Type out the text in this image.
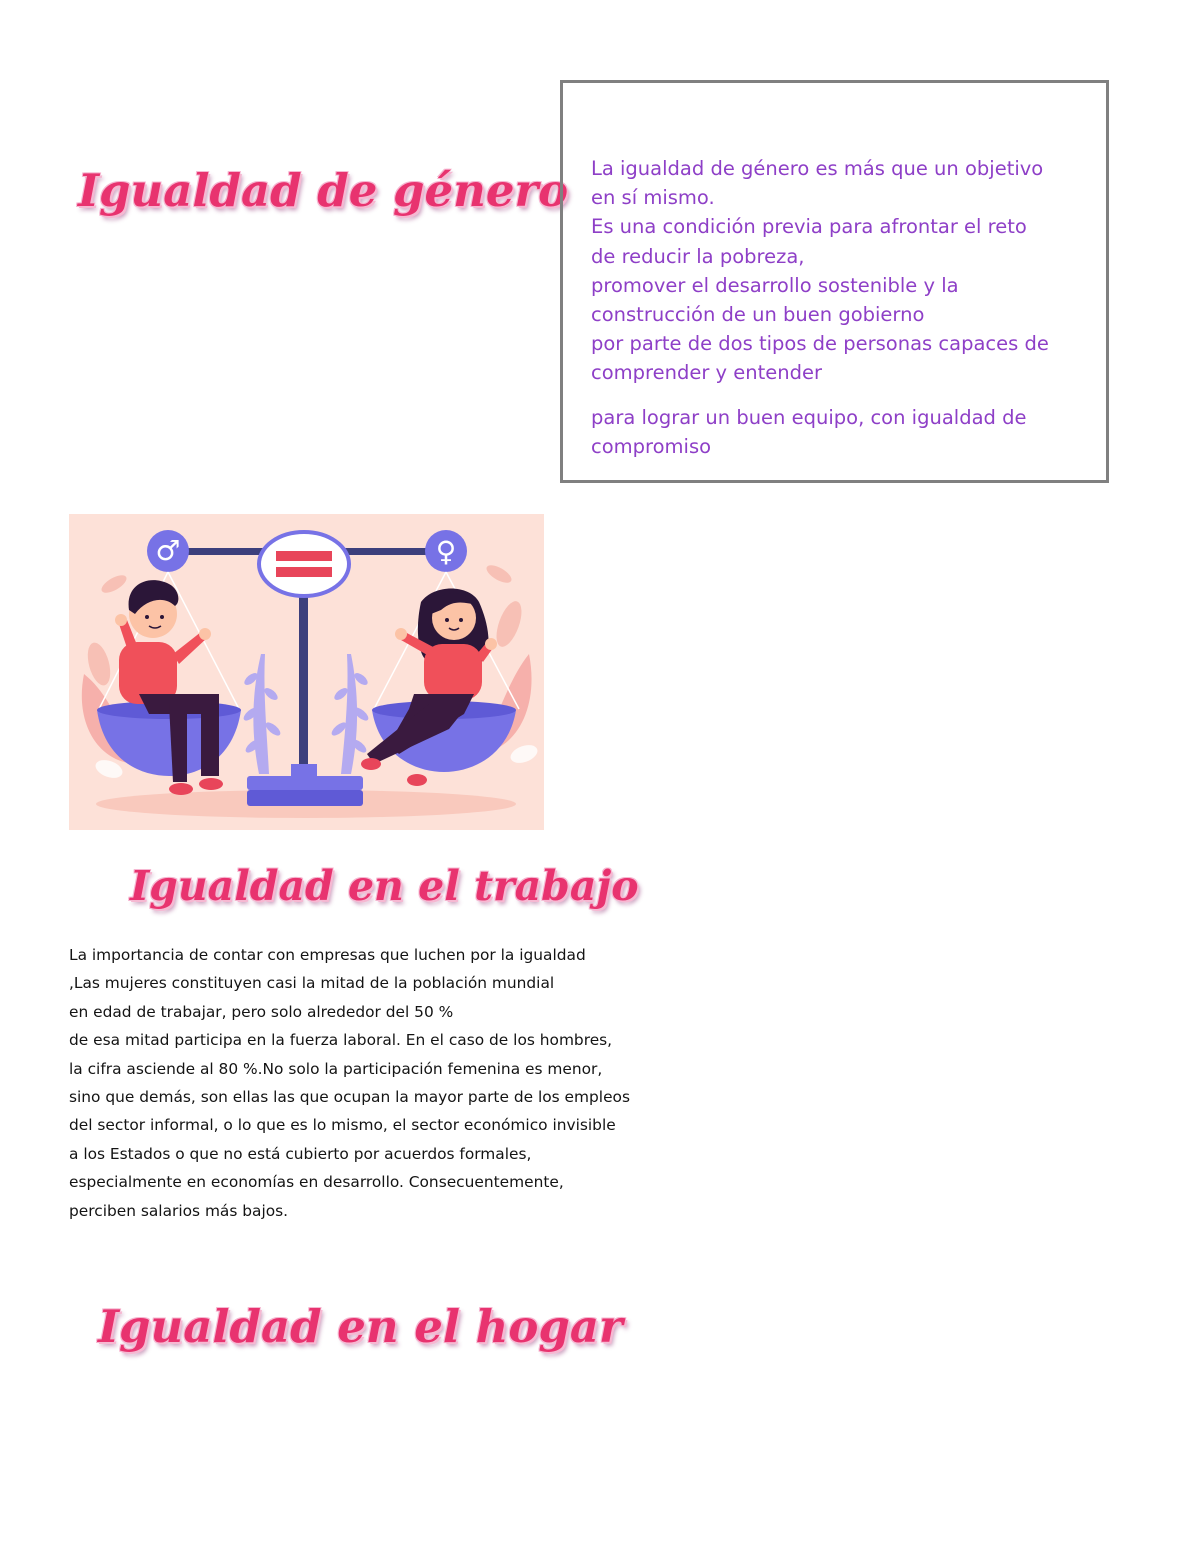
Igualdad de género La igualdad de género es más que un objetivo
en sí mismo.
Es una condición previa para afrontar el reto
de reducir la pobreza,
promover el desarrollo sostenible y la
construcción de un buen gobierno
por parte de dos tipos de personas capaces de
comprender y entender
para lograr un buen equipo, con igualdad de
compromiso
♂	♀
Igualdad en el trabajo
La importancia de contar con empresas que luchen por la igualdad
,Las mujeres constituyen casi la mitad de la población mundial
en edad de trabajar, pero solo alrededor del 50 %
de esa mitad participa en la fuerza laboral. En el caso de los hombres,
la cifra asciende al 80 %.No solo la participación femenina es menor,
sino que demás, son ellas las que ocupan la mayor parte de los empleos
del sector informal, o lo que es lo mismo, el sector económico invisible
a los Estados o que no está cubierto por acuerdos formales,
especialmente en economías en desarrollo. Consecuentemente,
perciben salarios más bajos.
Igualdad en el hogar
